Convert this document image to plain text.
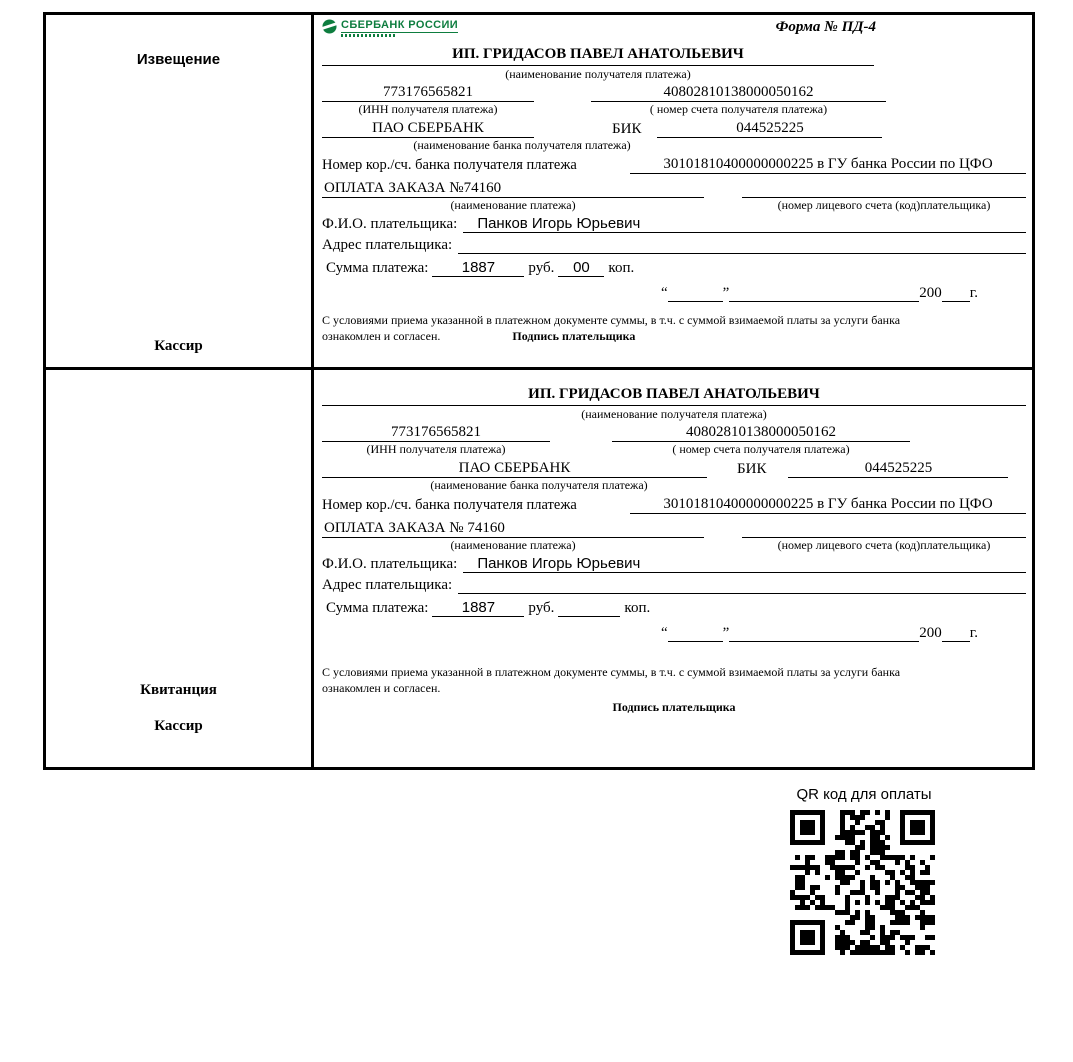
Извещение
Кассир
СБЕРБАНК РОССИИ	Форма № ПД-4
ИП. ГРИДАСОВ ПАВЕЛ АНАТОЛЬЕВИЧ
(наименование получателя платежа)
773176565821	40802810138000050162
(ИНН получателя платежа)	( номер счета получателя платежа)
ПАО СБЕРБАНК	БИК	044525225
(наименование банка получателя платежа)
Номер кор./сч. банка получателя платежа	30101810400000000225 в ГУ банка России по ЦФО
ОПЛАТА ЗАКАЗА №74160
(наименование платежа)	(номер лицевого счета (код)плательщика)
Ф.И.О. плательщика:	Панков Игорь Юрьевич
Адрес плательщика:
Сумма платежа:	1887	руб.	00	коп.
“	”	200 г.
С условиями приема указанной в платежном документе суммы, в т.ч. с суммой взимаемой платы за услуги банка
ознакомлен и согласен.	Подпись плательщика
Квитанция
Кассир
ИП. ГРИДАСОВ ПАВЕЛ АНАТОЛЬЕВИЧ
(наименование получателя платежа)
773176565821	40802810138000050162
(ИНН получателя платежа)	( номер счета получателя платежа)
ПАО СБЕРБАНК	БИК	044525225
(наименование банка получателя платежа)
Номер кор./сч. банка получателя платежа	30101810400000000225 в ГУ банка России по ЦФО
ОПЛАТА ЗАКАЗА № 74160
(наименование платежа)	(номер лицевого счета (код)плательщика)
Ф.И.О. плательщика:	Панков Игорь Юрьевич
Адрес плательщика:
Сумма платежа:	1887	руб.	коп.
“	”	200 г.
С условиями приема указанной в платежном документе суммы, в т.ч. с суммой взимаемой платы за услуги банка
ознакомлен и согласен.
Подпись плательщика
QR код для оплаты
